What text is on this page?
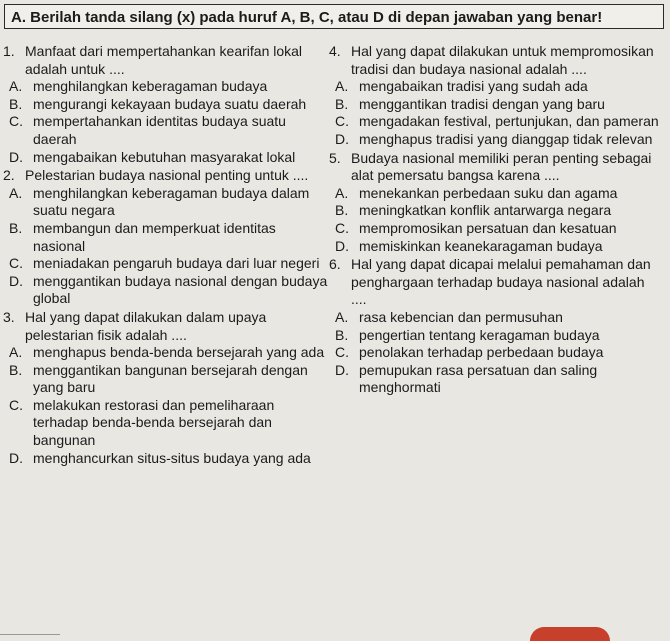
A. Berilah tanda silang (x) pada huruf A, B, C, atau D di depan jawaban yang benar!
1. Manfaat dari mempertahankan kearifan lokal adalah untuk ....
A. menghilangkan keberagaman budaya
B. mengurangi kekayaan budaya suatu daerah
C. mempertahankan identitas budaya suatu daerah
D. mengabaikan kebutuhan masyarakat lokal
2. Pelestarian budaya nasional penting untuk ....
A. menghilangkan keberagaman budaya dalam suatu negara
B. membangun dan memperkuat identitas nasional
C. meniadakan pengaruh budaya dari luar negeri
D. menggantikan budaya nasional dengan budaya global
3. Hal yang dapat dilakukan dalam upaya pelestarian fisik adalah ....
A. menghapus benda-benda bersejarah yang ada
B. menggantikan bangunan bersejarah dengan yang baru
C. melakukan restorasi dan pemeliharaan terhadap benda-benda bersejarah dan bangunan
D. menghancurkan situs-situs budaya yang ada
4. Hal yang dapat dilakukan untuk mempromosikan tradisi dan budaya nasional adalah ....
A. mengabaikan tradisi yang sudah ada
B. menggantikan tradisi dengan yang baru
C. mengadakan festival, pertunjukan, dan pameran
D. menghapus tradisi yang dianggap tidak relevan
5. Budaya nasional memiliki peran penting sebagai alat pemersatu bangsa karena ....
A. menekankan perbedaan suku dan agama
B. meningkatkan konflik antarwarga negara
C. mempromosikan persatuan dan kesatuan
D. memiskinkan keanekaragaman budaya
6. Hal yang dapat dicapai melalui pemahaman dan penghargaan terhadap budaya nasional adalah ....
A. rasa kebencian dan permusuhan
B. pengertian tentang keragaman budaya
C. penolakan terhadap perbedaan budaya
D. pemupukan rasa persatuan dan saling menghormati
